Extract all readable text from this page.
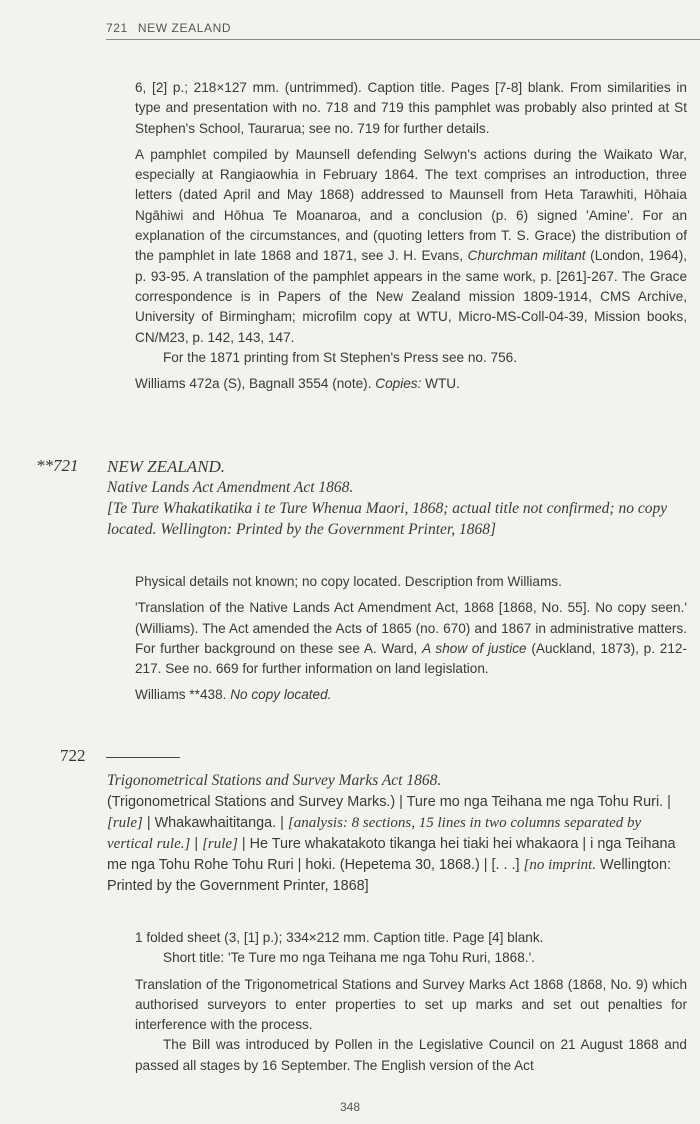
721 NEW ZEALAND

6, [2] p.; 218×127 mm. (untrimmed). Caption title. Pages [7-8] blank. From similarities in type and presentation with no. 718 and 719 this pamphlet was probably also printed at St Stephen's School, Taurarua; see no. 719 for further details.

A pamphlet compiled by Maunsell defending Selwyn's actions during the Waikato War, especially at Rangiaowhia in February 1864. The text comprises an introduction, three letters (dated April and May 1868) addressed to Maunsell from Heta Tarawhiti, Hōhaia Ngāhiwi and Hōhua Te Moanaroa, and a conclusion (p. 6) signed 'Amine'. For an explanation of the circumstances, and (quoting letters from T. S. Grace) the distribution of the pamphlet in late 1868 and 1871, see J. H. Evans, Churchman militant (London, 1964), p. 93-95. A translation of the pamphlet appears in the same work, p. [261]-267. The Grace correspondence is in Papers of the New Zealand mission 1809-1914, CMS Archive, University of Birmingham; microfilm copy at WTU, Micro-MS-Coll-04-39, Mission books, CN/M23, p. 142, 143, 147.

For the 1871 printing from St Stephen's Press see no. 756.

Williams 472a (S), Bagnall 3554 (note). Copies: WTU.

**721 NEW ZEALAND.

Native Lands Act Amendment Act 1868.

[Te Ture Whakatikatika i te Ture Whenua Maori, 1868; actual title not confirmed; no copy located. Wellington: Printed by the Government Printer, 1868]

Physical details not known; no copy located. Description from Williams.

'Translation of the Native Lands Act Amendment Act, 1868 [1868, No. 55]. No copy seen.' (Williams). The Act amended the Acts of 1865 (no. 670) and 1867 in administrative matters. For further background on these see A. Ward, A show of justice (Auckland, 1873), p. 212-217. See no. 669 for further information on land legislation.

Williams **438. No copy located.

722
Trigonometrical Stations and Survey Marks Act 1868.
(Trigonometrical Stations and Survey Marks.) | Ture mo nga Teihana me nga Tohu Ruri. | [rule] | Whakawhaititanga. | [analysis: 8 sections, 15 lines in two columns separated by vertical rule.] | [rule] | He Ture whakatakoto tikanga hei tiaki hei whakaora | i nga Teihana me nga Tohu Rohe Tohu Ruri | hoki. (Hepetema 30, 1868.) | [. . .] [no imprint. Wellington: Printed by the Government Printer, 1868]

1 folded sheet (3, [1] p.); 334×212 mm. Caption title. Page [4] blank.

Short title: 'Te Ture mo nga Teihana me nga Tohu Ruri, 1868.'.

Translation of the Trigonometrical Stations and Survey Marks Act 1868 (1868, No. 9) which authorised surveyors to enter properties to set up marks and set out penalties for interference with the process.

The Bill was introduced by Pollen in the Legislative Council on 21 August 1868 and passed all stages by 16 September. The English version of the Act

348
